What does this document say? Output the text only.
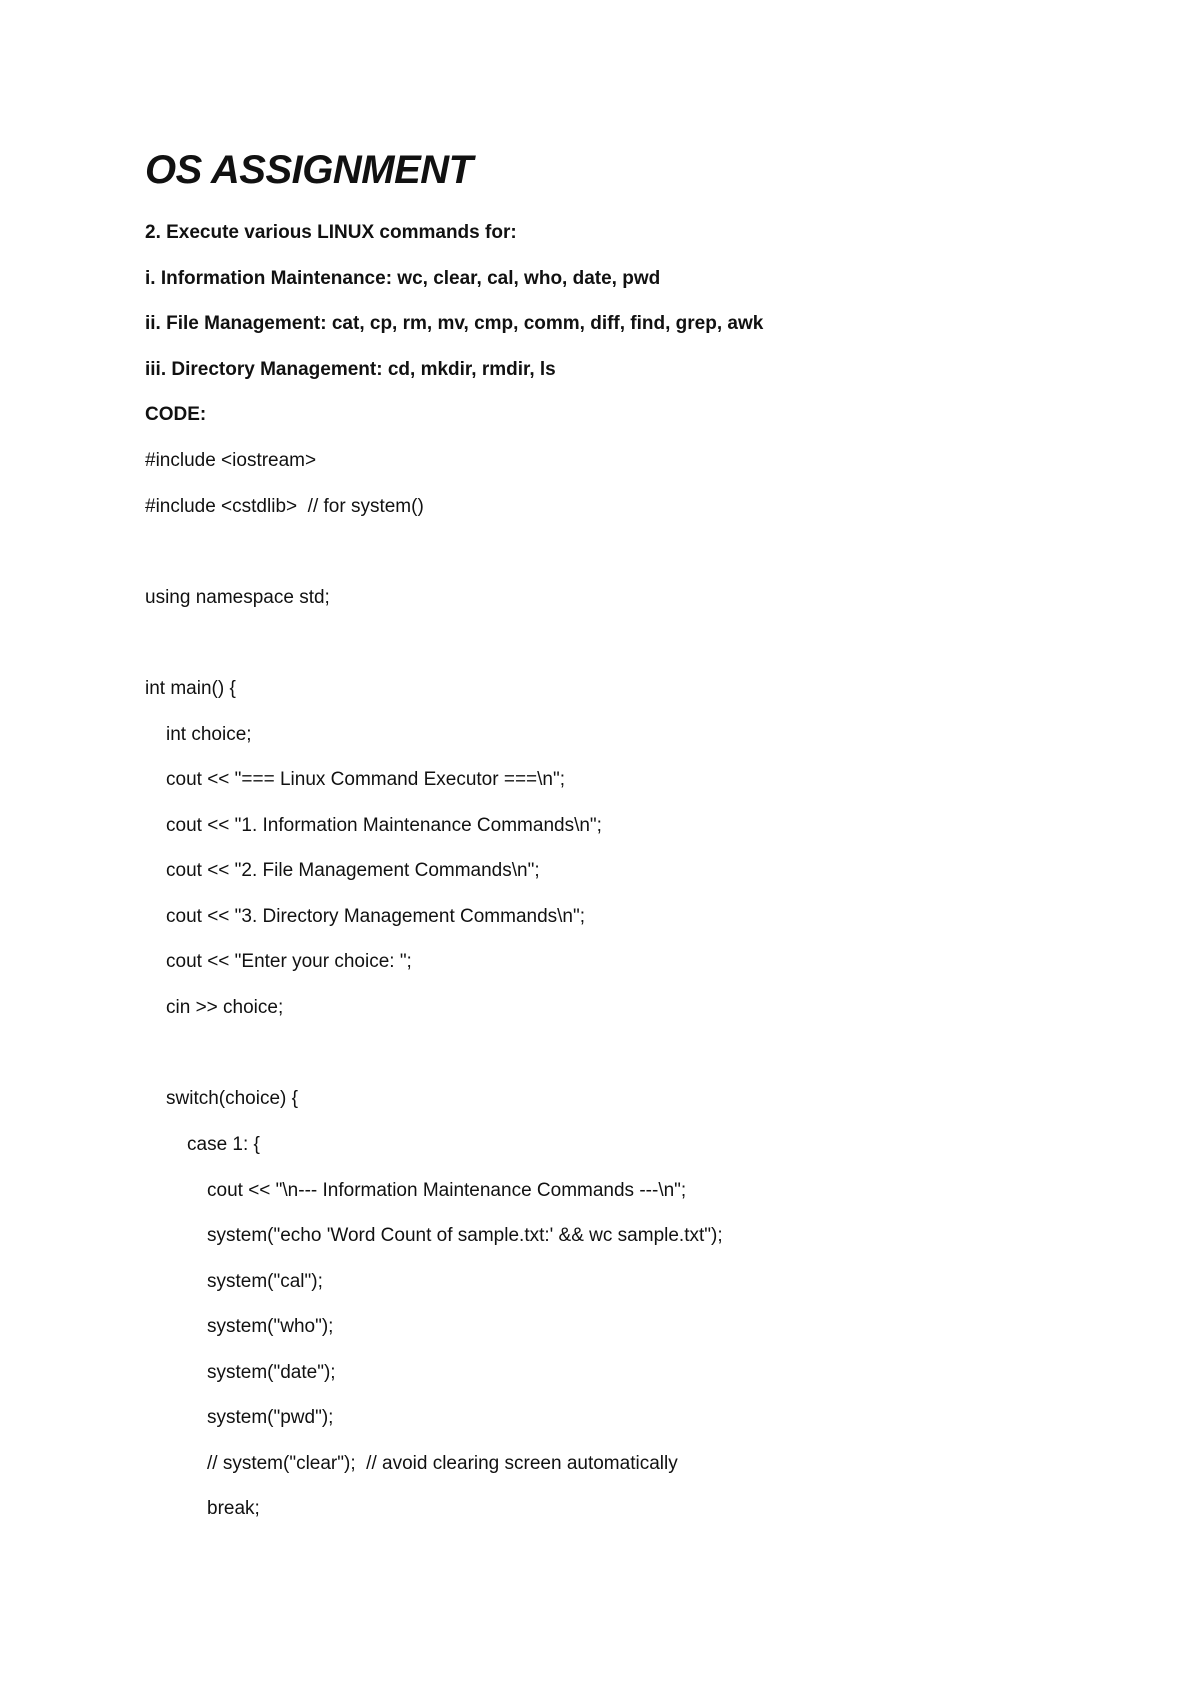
OS ASSIGNMENT

2. Execute various LINUX commands for:

i. Information Maintenance: wc, clear, cal, who, date, pwd

ii. File Management: cat, cp, rm, mv, cmp, comm, diff, find, grep, awk

iii. Directory Management: cd, mkdir, rmdir, ls

CODE:

#include <iostream>

#include <cstdlib>  // for system()

using namespace std;

int main() {

int choice;

cout << "=== Linux Command Executor ===\n";

cout << "1. Information Maintenance Commands\n";

cout << "2. File Management Commands\n";

cout << "3. Directory Management Commands\n";

cout << "Enter your choice: ";

cin >> choice;

switch(choice) {

case 1: {

cout << "\n--- Information Maintenance Commands ---\n";

system("echo 'Word Count of sample.txt:' && wc sample.txt");

system("cal");

system("who");

system("date");

system("pwd");

// system("clear");  // avoid clearing screen automatically

break;
